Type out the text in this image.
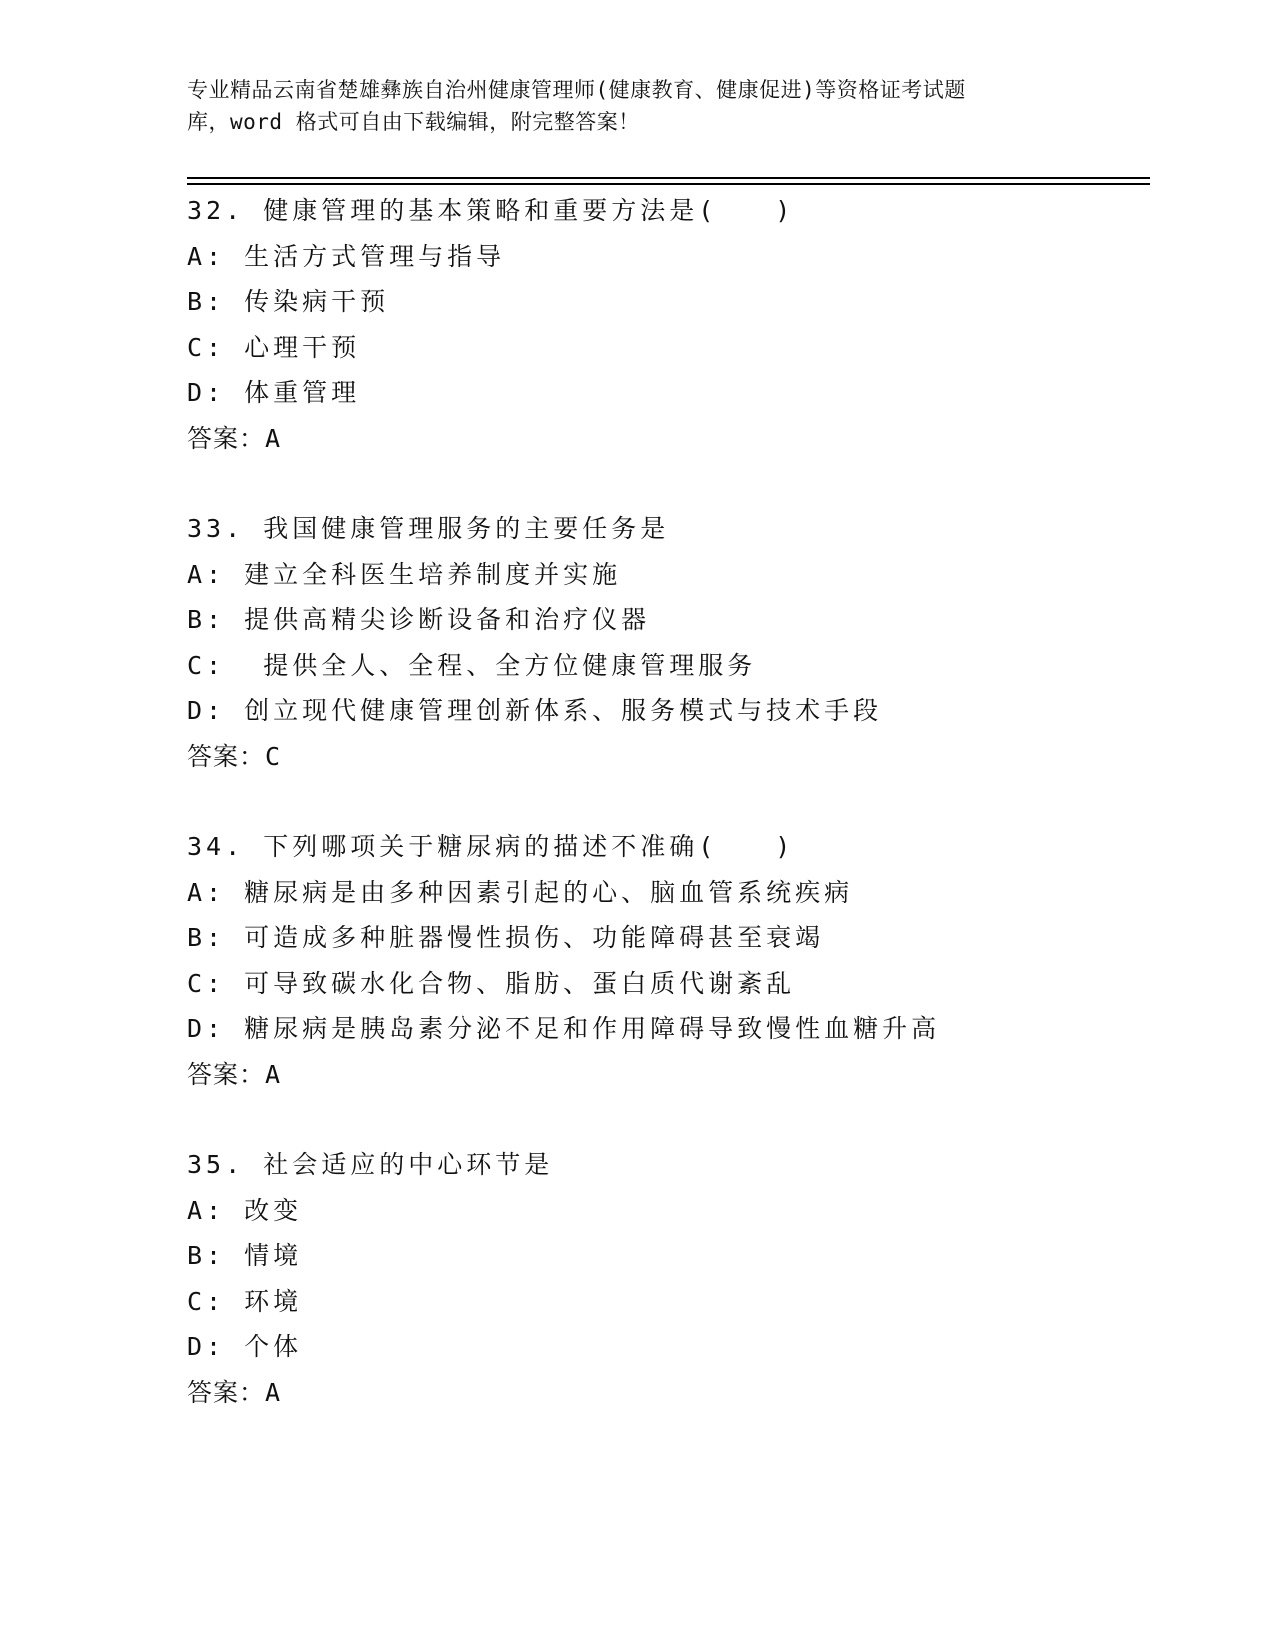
专业精品云南省楚雄彝族自治州健康管理师(健康教育、健康促进)等资格证考试题
库，word 格式可自由下载编辑，附完整答案！
32. 健康管理的基本策略和重要方法是(　　)
A: 生活方式管理与指导
B: 传染病干预
C: 心理干预
D: 体重管理
答案：A
33. 我国健康管理服务的主要任务是
A: 建立全科医生培养制度并实施
B: 提供高精尖诊断设备和治疗仪器
C:  提供全人、全程、全方位健康管理服务
D: 创立现代健康管理创新体系、服务模式与技术手段
答案：C
34. 下列哪项关于糖尿病的描述不准确(　　)
A: 糖尿病是由多种因素引起的心、脑血管系统疾病
B: 可造成多种脏器慢性损伤、功能障碍甚至衰竭
C: 可导致碳水化合物、脂肪、蛋白质代谢紊乱
D: 糖尿病是胰岛素分泌不足和作用障碍导致慢性血糖升高
答案：A
35. 社会适应的中心环节是
A: 改变
B: 情境
C: 环境
D: 个体
答案：A
